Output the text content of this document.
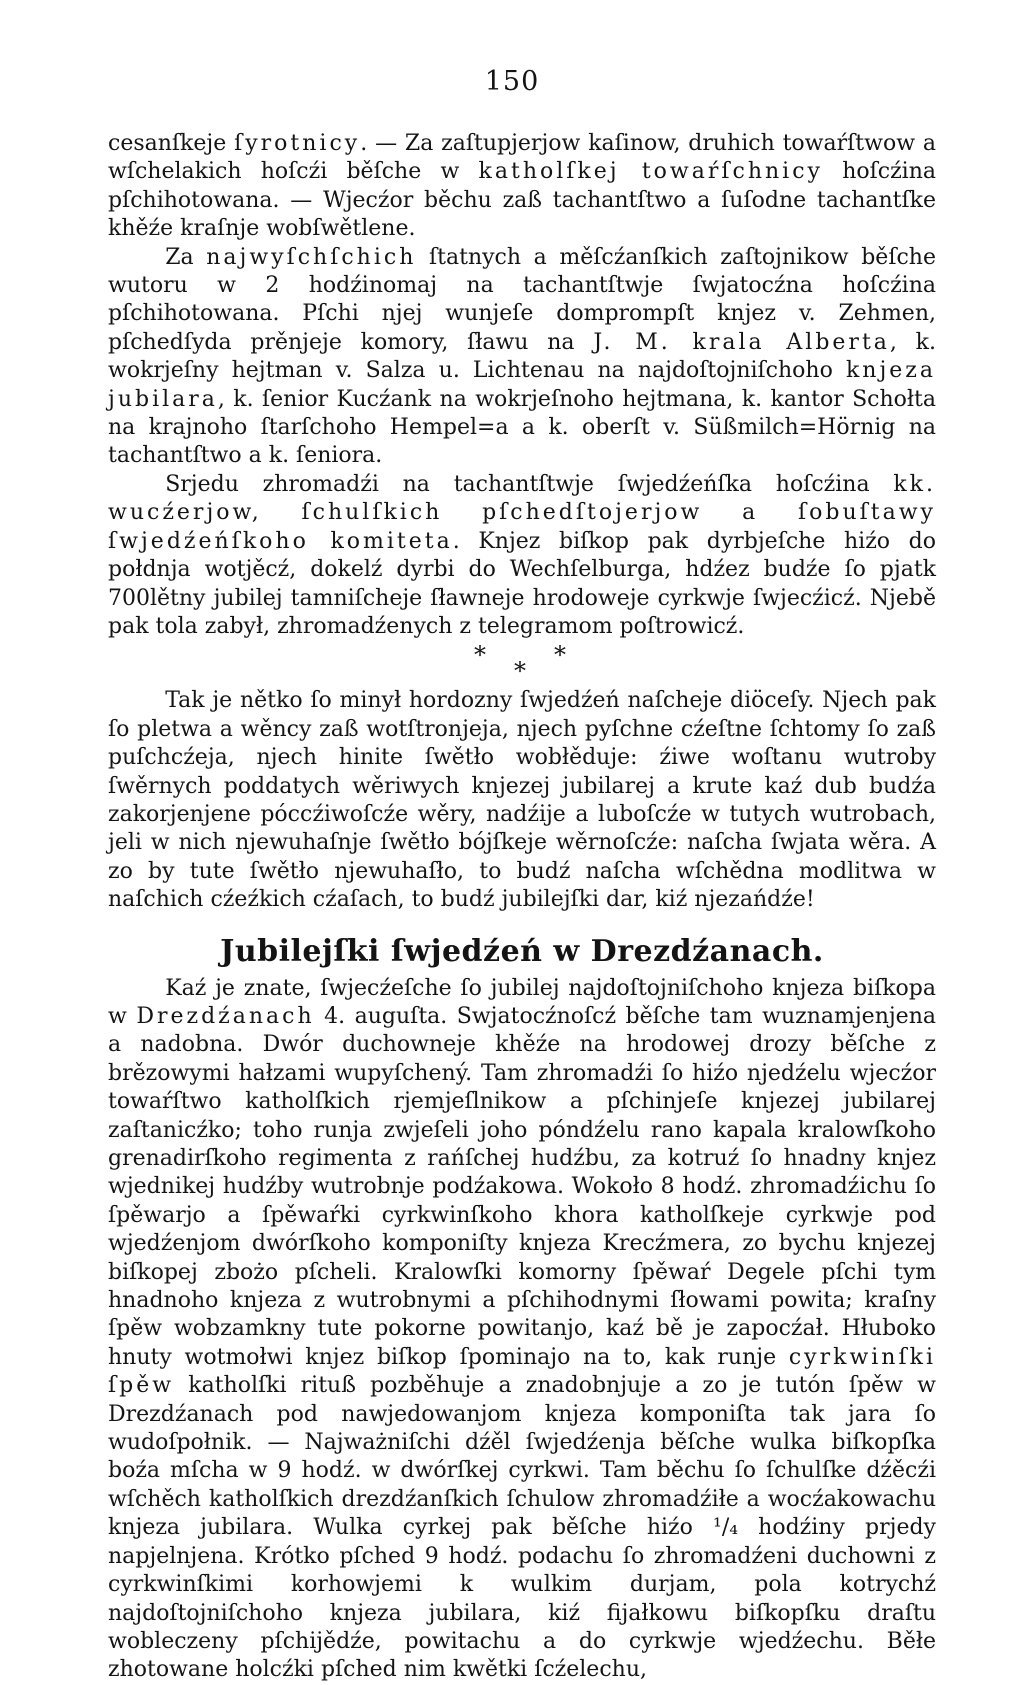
150

cesanſkeje ſyrotnicy. — Za zaſtupjerjow kaſinow, druhich towaŕſtwow a wſchelakich hoſcźi běſche w katholſkej towaŕſchnicy hoſcźina pſchihotowana. — Wjecźor běchu zaß tachantſtwo a ſuſodne tachantſke khěźe kraſnje wobſwětlene.

Za najwyſchſchich ſtatnych a měſcźanſkich zaſtojnikow běſche wutoru w 2 hodźinomaj na tachantſtwje ſwjatocźna hoſcźina pſchihotowana. Pſchi njej wunjeſe domprompſt knjez v. Zehmen, pſchedſyda prěnjeje komory, ſławu na J. M. krala Alberta, k. wokrjeſny hejtman v. Salza u. Lichtenau na najdoſtojniſchoho knjeza jubilara, k. ſenior Kucźank na wokrjeſnoho hejtmana, k. kantor Schołta na krajnoho ſtarſchoho Hempel=a a k. oberſt v. Süßmilch=Hörnig na tachantſtwo a k. ſeniora.

Srjedu zhromadźi na tachantſtwje ſwjedźeńſka hoſcźina kk. wucźerjow, ſchulſkich pſchedſtojerjow a ſobuſtawy ſwjedźeńſkoho komiteta. Knjez biſkop pak dyrbjeſche hiźo do połdnja wotjěcź, dokelź dyrbi do Wechſelburga, hdźez budźe ſo pjatk 700lětny jubilej tamniſcheje ſławneje hrodoweje cyrkwje ſwjecźicź. Njebě pak tola zabył, zhromadźenych z telegramom poſtrowicź.

*
*
*

Tak je nětko ſo minył hordozny ſwjedźeń naſcheje diöceſy. Njech pak ſo pletwa a wěncy zaß wotſtronjeja, njech pyſchne cźeſtne ſchtomy ſo zaß puſchcźeja, njech hinite ſwětło wobłěduje: źiwe woſtanu wutroby ſwěrnych poddatych wěriwych knjezej jubilarej a krute kaź dub budźa zakorjenjene póccźiwoſcźe wěry, nadźije a luboſcźe w tutych wutrobach, jeli w nich njewuhaſnje ſwětło bójſkeje wěrnoſcźe: naſcha ſwjata wěra. A zo by tute ſwětło njewuhaſło, to budź naſcha wſchědna modlitwa w naſchich cźeźkich cźaſach, to budź jubilejſki dar, kiź njezańdźe!

Jubilejſki ſwjedźeń w Drezdźanach.

Kaź je znate, ſwjecźeſche ſo jubilej najdoſtojniſchoho knjeza biſkopa w Drezdźanach 4. auguſta. Swjatocźnoſcź běſche tam wuznamjenjena a nadobna. Dwór duchowneje khěźe na hrodowej drozy běſche z brězowymi hałzami wupyſchený. Tam zhromadźi ſo hiźo njedźelu wjecźor towaŕſtwo katholſkich rjemjeſlnikow a pſchinjeſe knjezej jubilarej zaſtanicźko; toho runja zwjeſeli joho póndźelu rano kapala kralowſkoho grenadirſkoho regimenta z rańſchej hudźbu, za kotruź ſo hnadny knjez wjednikej hudźby wutrobnje podźakowa. Wokoło 8 hodź. zhromadźichu ſo ſpěwarjo a ſpěwaŕki cyrkwinſkoho khora katholſkeje cyrkwje pod wjedźenjom dwórſkoho komponiſty knjeza Krecźmera, zo bychu knjezej biſkopej zbożo pſcheli. Kralowſki komorny ſpěwaŕ Degele pſchi tym hnadnoho knjeza z wutrobnymi a pſchihodnymi ſłowami powita; kraſny ſpěw wobzamkny tute pokorne powitanjo, kaź bě je zapocźał. Hłuboko hnuty wotmołwi knjez biſkop ſpominajo na to, kak runje cyrkwinſki ſpěw katholſki rituß pozběhuje a znadobnjuje a zo je tutón ſpěw w Drezdźanach pod nawjedowanjom knjeza komponiſta tak jara ſo wudoſpołnik. — Najważniſchi dźěl ſwjedźenja běſche wulka biſkopſka boźa mſcha w 9 hodź. w dwórſkej cyrkwi. Tam běchu ſo ſchulſke dźěcźi wſchěch katholſkich drezdźanſkich ſchulow zhromadźiłe a wocźakowachu knjeza jubilara. Wulka cyrkej pak běſche hiźo ¹/₄ hodźiny prjedy napjelnjena. Krótko pſched 9 hodź. podachu ſo zhromadźeni duchowni z cyrkwinſkimi korhowjemi k wulkim durjam, pola kotrychź najdoſtojniſchoho knjeza jubilara, kiź fijałkowu biſkopſku draſtu wobleczeny pſchijědźe, powitachu a do cyrkwje wjedźechu. Běłe zhotowane holcźki pſched nim kwětki ſcźelechu,
